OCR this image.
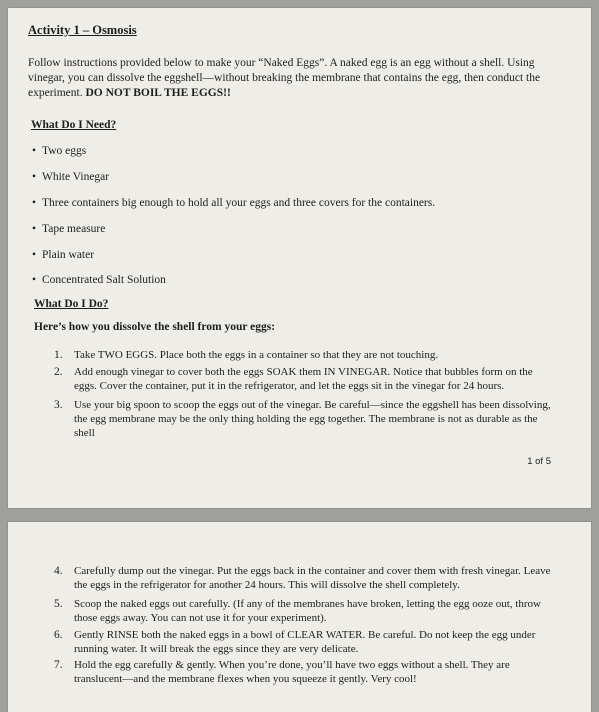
Activity 1 – Osmosis
Follow instructions provided below to make your “Naked Eggs”. A naked egg is an egg without a shell. Using vinegar, you can dissolve the eggshell—without breaking the membrane that contains the egg, then conduct the experiment. DO NOT BOIL THE EGGS!!
What Do I Need?
• Two eggs
• White Vinegar
• Three containers big enough to hold all your eggs and three covers for the containers.
• Tape measure
• Plain water
• Concentrated Salt Solution
What Do I Do?
Here’s how you dissolve the shell from your eggs:
1.	Take TWO EGGS. Place both the eggs in a container so that they are not touching.
2.	Add enough vinegar to cover both the eggs SOAK them IN VINEGAR. Notice that bubbles form on the eggs. Cover the container, put it in the refrigerator, and let the eggs sit in the vinegar for 24 hours.
3.	Use your big spoon to scoop the eggs out of the vinegar. Be careful—since the eggshell has been dissolving, the egg membrane may be the only thing holding the egg together. The membrane is not as durable as the shell
1 of 5
4.	Carefully dump out the vinegar. Put the eggs back in the container and cover them with fresh vinegar. Leave the eggs in the refrigerator for another 24 hours. This will dissolve the shell completely.
5.	Scoop the naked eggs out carefully. (If any of the membranes have broken, letting the egg ooze out, throw those eggs away. You can not use it for your experiment).
6.	Gently RINSE both the naked eggs in a bowl of CLEAR WATER. Be careful. Do not keep the egg under running water. It will break the eggs since they are very delicate.
7.	Hold the egg carefully & gently. When you’re done, you’ll have two eggs without a shell. They are translucent—and the membrane flexes when you squeeze it gently. Very cool!
